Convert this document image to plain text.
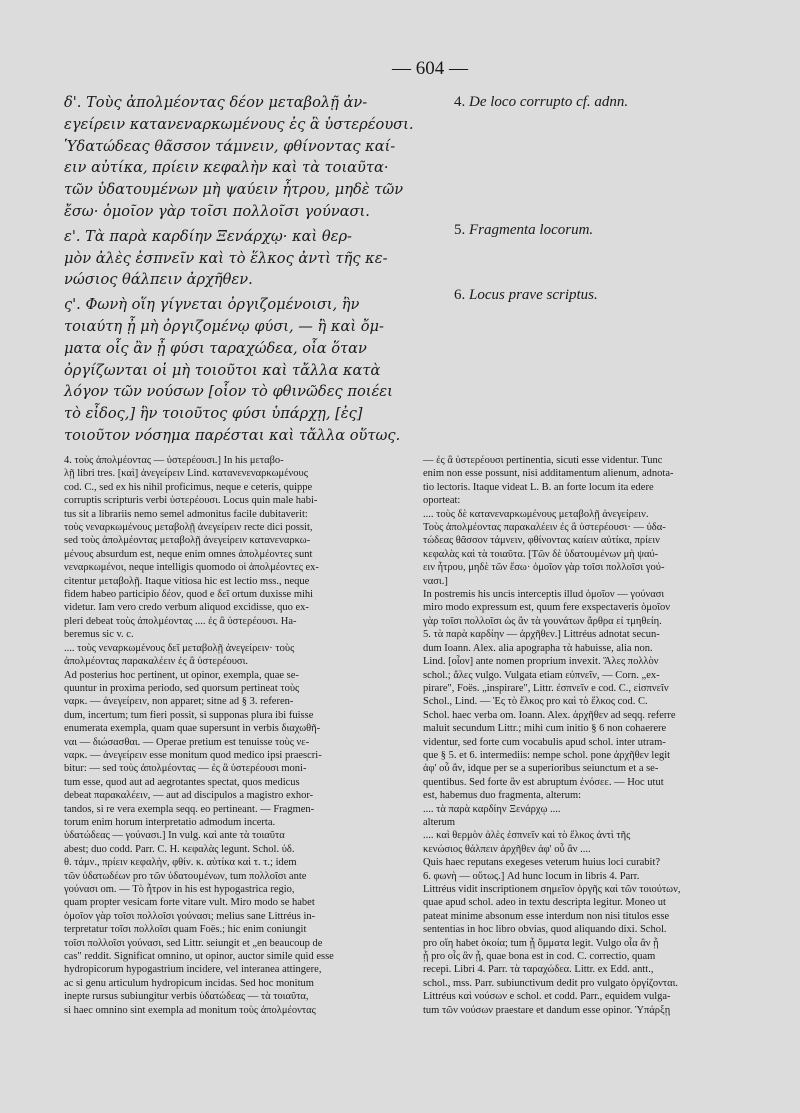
— 604 —

δ'. Τοὺς ἀπολμέοντας δέον μεταβολῇ ἀν-
εγείρειν κατανεναρκωμένους ἐς ἃ ὑστερέουσι.
Ὑδατώδεας θᾶσσον τάμνειν, φθίνοντας καί-
ειν αὐτίκα, πρίειν κεφαλὴν καὶ τὰ τοιαῦτα·
τῶν ὑδατουμένων μὴ ψαύειν ἦτρου, μηδὲ τῶν
ἔσω· ὁμοῖον γὰρ τοῖσι πολλοῖσι γούνασι.

ε'. Τὰ παρὰ καρδίην Ξενάρχῳ· καὶ θερ-
μὸν ἀλὲς ἐσπνεῖν καὶ τὸ ἕλκος ἀντὶ τῆς κε-
νώσιος θάλπειν ἀρχῆθεν.

ς'. Φωνὴ οἵη γίγνεται ὀργιζομένοισι, ἣν
τοιαύτη ᾖ μὴ ὀργιζομένῳ φύσι, — ἢ καὶ ὄμ-
ματα οἷς ἂν ᾖ φύσι ταραχώδεα, οἷα ὅταν
ὀργίζωνται οἱ μὴ τοιοῦτοι καὶ τἄλλα κατὰ
λόγον τῶν νούσων [οἷον τὸ φθινῶδες ποιέει
τὸ εἶδος,] ἣν τοιοῦτος φύσι ὑπάρχῃ, [ἐς]
τοιοῦτον νόσημα παρέσται καὶ τἄλλα οὕτως.

4. De loco corrupto cf. adnn.
5. Fragmenta locorum.
6. Locus prave scriptus.

4. τοὺς ἀπολμέοντας — ὑστερέουσι.] In his μεταβο-
λῇ libri tres. [καὶ] ἀνεγείρειν Lind. κατανενεναρκωμένους
cod. C., sed ex his nihil proficimus, neque e ceteris, quippe
corruptis scripturis verbi ὑστερέουσι. Locus quin male habi-
tus sit a librariis nemo semel admonitus facile dubitaverit:
τοὺς νεναρκωμένους μεταβολῇ ἀνεγείρειν recte dici possit,
sed τοὺς ἀπολμέοντας μεταβολῇ ἀνεγείρειν κατανεναρκω-
μένους absurdum est, neque enim omnes ἀπολμέοντες sunt
νεναρκωμένοι, neque intelligis quomodo οἱ ἀπολμέοντες ex-
citentur μεταβολῇ. Itaque vitiosa hic est lectio mss., neque
fidem habeo participio δέον, quod e δεῖ ortum duxisse mihi
videtur. Iam vero credo verbum aliquod excidisse, quo ex-
pleri debeat τοὺς ἀπολμέοντας .... ἐς ἃ ὑστερέουσι. Ha-
beremus sic v. c.

.... τοὺς νεναρκωμένους δεῖ μεταβολῇ ἀνεγείρειν· τοὺς
ἀπολμέοντας παρακαλέειν ἐς ἃ ὑστερέουσι.

Ad posterius hoc pertinent, ut opinor, exempla, quae se-
quuntur in proxima periodo, sed quorsum pertineat τοὺς
ναρκ. — ἀνεγείρειν, non apparet; sitne ad § 3. referen-
dum, incertum; tum fieri possit, si supponas plura ibi fuisse
enumerata exempla, quam quae supersunt in verbis διαχωθῆ-
ναι — διώσασθαι. — Operae pretium est tenuisse τοὺς νε-
ναρκ. — ἀνεγείρειν esse monitum quod medico ipsi praescri-
bitur: — sed τοὺς ἀπολμέοντας — ἐς ἃ ὑστερέουσι moni-
tum esse, quod aut ad aegrotantes spectat, quos medicus
debeat παρακαλέειν, — aut ad discipulos a magistro exhor-
tandos, si re vera exempla seqq. eo pertineant. — Fragmen-
torum enim horum interpretatio admodum incerta.

ὑδατώδεας — γούνασι.] In vulg. καὶ ante τὰ τοιαῦτα
abest; duo codd. Parr. C. H. κεφαλὰς legunt. Schol. ὑδ.
θ. τάμν., πρίειν κεφαλὴν, φθίν. κ. αὐτίκα καὶ τ. τ.; idem
τῶν ὑδατωδέων pro τῶν ὑδατουμένων, tum πολλοῖσι ante
γούνασι om. — Τὸ ἦτρον in his est hypogastrica regio,
quam propter vesicam forte vitare vult. Miro modo se habet
ὁμοῖον γὰρ τοῖσι πολλοῖσι γούνασι; melius sane Littréus in-
terpretatur τοῖσι πολλοῖσι quam Foës.; hic enim coniungit
τοῖσι πολλοῖσι γούνασι, sed Littr. seiungit et „en beaucoup de
cas" reddit. Significat omnino, ut opinor, auctor simile quid esse
hydropicorum hypogastrium incidere, vel interanea attingere,
ac si genu articulum hydropicum incidas. Sed hoc monitum
inepte rursus subiungitur verbis ὑδατώδεας — τὰ τοιαῦτα,
si haec omnino sint exempla ad monitum τοὺς ἀπολμέοντας

— ἐς ἃ ὑστερέουσι pertinentia, sicuti esse videntur. Tunc
enim non esse possunt, nisi additamentum alienum, adnota-
tio lectoris. Itaque videat L. B. an forte locum ita edere
oporteat:

.... τοὺς δὲ κατανεναρκωμένους μεταβολῇ ἀνεγείρειν.
Τοὺς ἀπολμέοντας παρακαλέειν ἐς ἃ ὑστερέουσι· — ὑδα-
τώδεας θᾶσσον τάμνειν, φθίνοντας καίειν αὐτίκα, πρίειν
κεφαλὰς καὶ τὰ τοιαῦτα. [Τῶν δὲ ὑδατουμένων μὴ ψαύ-
ειν ἦτρου, μηδὲ τῶν ἔσω· ὁμοῖον γὰρ τοῖσι πολλοῖσι γού-
νασι.]

In postremis his uncis interceptis illud ὁμοῖον — γούνασι
miro modo expressum est, quum fere exspectaveris ὁμοῖον
γὰρ τοῖσι πολλοῖσι ὡς ἂν τὰ γουνάτων ἄρθρα εἰ τμηθείη.

5. τὰ παρὰ καρδίην — ἀρχῆθεν.] Littréus adnotat secun-
dum Ioann. Alex. alia apographa τὰ habuisse, alia non.
Lind. [οἷον] ante nomen proprium invexit. Ἅλες πολλὸν
schol.; ἅλες vulgo. Vulgata etiam εὐπνεῖν, — Corn. „ex-
pirare", Foës. „inspirare", Littr. ἐσπνεῖν e cod. C., εἰσπνεῖν
Schol., Lind. — Ἐς τὸ ἕλκος pro καὶ τὸ ἕλκος cod. C.
Schol. haec verba om. Ioann. Alex. ἀρχῆθεν ad seqq. referre
maluit secundum Littr.; mihi cum initio § 6 non cohaerere
videntur, sed forte cum vocabulis apud schol. inter utram-
que § 5. et 6. intermediis: nempe schol. pone ἀρχῆθεν legit
ἀφ' οὗ ἂν, idque per se a superioribus seiunctum et a se-
quentibus. Sed forte ἂν est abruptum ἐνόσεε. — Hoc utut
est, habemus duo fragmenta, alterum:

.... τὰ παρὰ καρδίην Ξενάρχῳ ....

alterum

.... καὶ θερμὸν ἀλὲς ἐσπνεῖν καὶ τὸ ἕλκος ἀντὶ τῆς
κενώσιος θάλπειν ἀρχῆθεν ἀφ' οὗ ἂν ....

Quis haec reputans exegeses veterum huius loci curabit?

6. φωνὴ — οὕτως.] Ad hunc locum in libris 4. Parr.
Littréus vidit inscriptionem σημεῖον ὀργῆς καὶ τῶν τοιούτων,
quae apud schol. adeo in textu descripta legitur. Moneo ut
pateat minime absonum esse interdum non nisi titulos esse
sententias in hoc libro obvias, quod aliquando dixi. Schol.
pro οἵη habet ὁκοία; tum ᾖ ὄμματα legit. Vulgo οἷα ἂν ᾖ
ᾗ pro οἷς ἂν ᾖ, quae bona est in cod. C. correctio, quam
recepi. Libri 4. Parr. τὰ ταραχώδεα. Littr. ex Edd. antt.,
schol., mss. Parr. subiunctivum dedit pro vulgato ὀργίζονται.
Littréus καὶ νούσων e schol. et codd. Parr., equidem vulga-
tum τῶν νούσων praestare et dandum esse opinor. Ὑπάρξῃ
